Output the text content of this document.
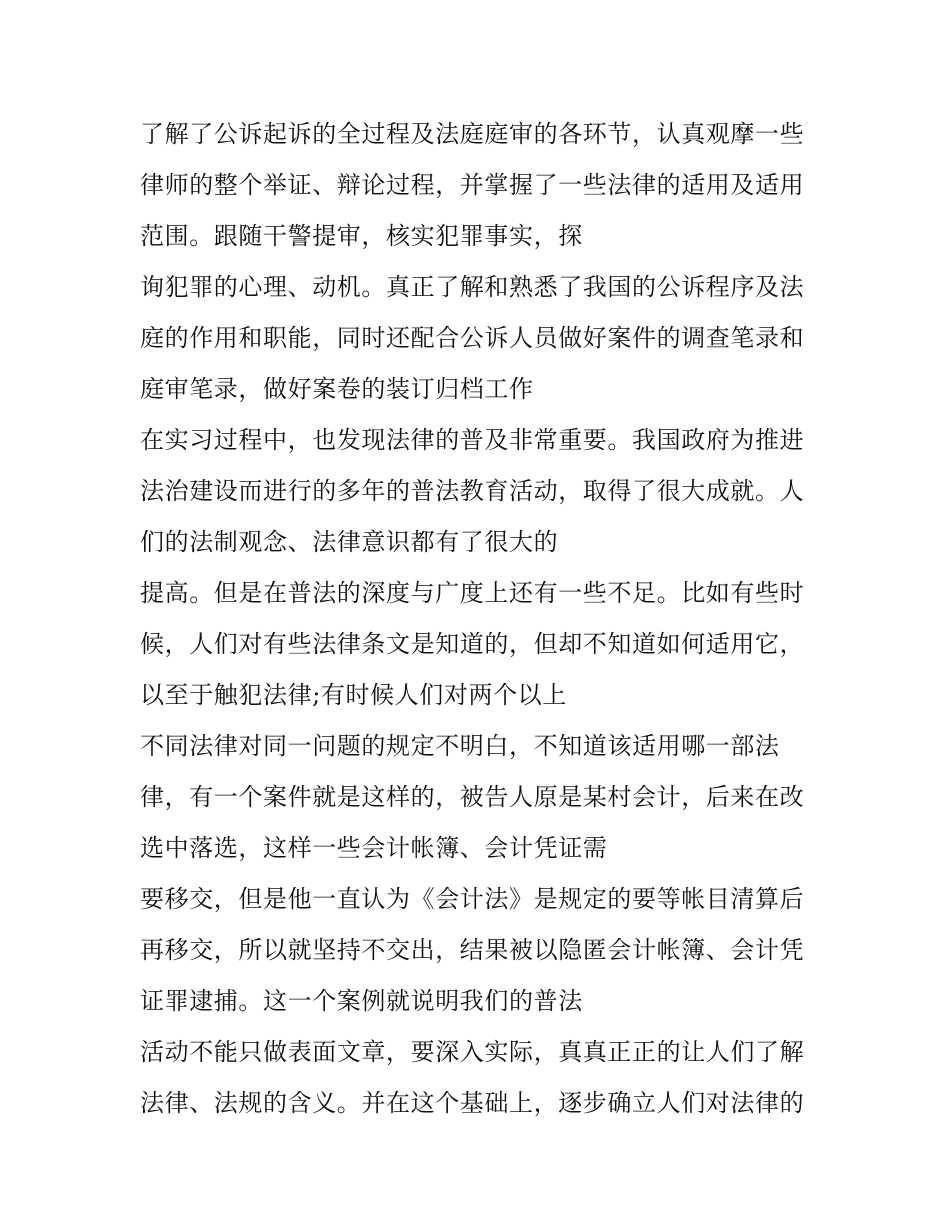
了解了公诉起诉的全过程及法庭庭审的各环节，认真观摩一些
律师的整个举证、辩论过程，并掌握了一些法律的适用及适用
范围。跟随干警提审，核实犯罪事实，探
询犯罪的心理、动机。真正了解和熟悉了我国的公诉程序及法
庭的作用和职能，同时还配合公诉人员做好案件的调查笔录和
庭审笔录，做好案卷的装订归档工作
在实习过程中，也发现法律的普及非常重要。我国政府为推进
法治建设而进行的多年的普法教育活动，取得了很大成就。人
们的法制观念、法律意识都有了很大的
提高。但是在普法的深度与广度上还有一些不足。比如有些时
候，人们对有些法律条文是知道的，但却不知道如何适用它，
以至于触犯法律;有时候人们对两个以上
不同法律对同一问题的规定不明白，不知道该适用哪一部法
律，有一个案件就是这样的，被告人原是某村会计，后来在改
选中落选，这样一些会计帐簿、会计凭证需
要移交，但是他一直认为《会计法》是规定的要等帐目清算后
再移交，所以就坚持不交出，结果被以隐匿会计帐簿、会计凭
证罪逮捕。这一个案例就说明我们的普法
活动不能只做表面文章，要深入实际，真真正正的让人们了解
法律、法规的含义。并在这个基础上，逐步确立人们对法律的
